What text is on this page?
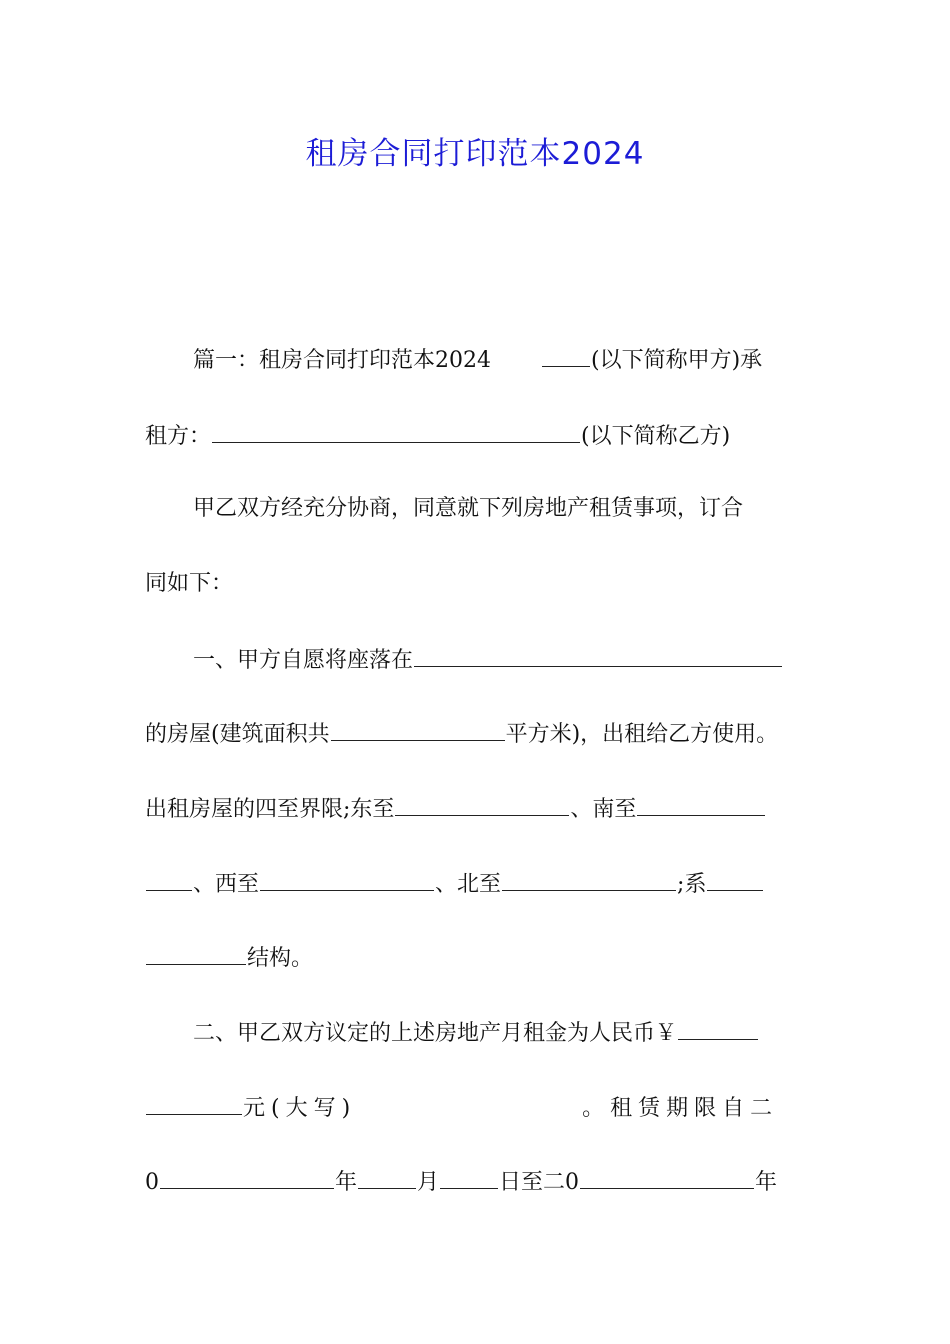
租房合同打印范本2024
篇一：租房合同打印范本2024	(以下简称甲方)承
租方：	(以下简称乙方)
甲乙双方经充分协商，同意就下列房地产租赁事项，订合
同如下：
一、甲方自愿将座落在
的房屋(建筑面积共	平方米)，出租给乙方使用。
出租房屋的四至界限;东至	、南至
、西至	、北至	;系
结构。
二、甲乙双方议定的上述房地产月租金为人民币￥
元(大写)	。租赁期限自二
0	年	月	日至二0	年
